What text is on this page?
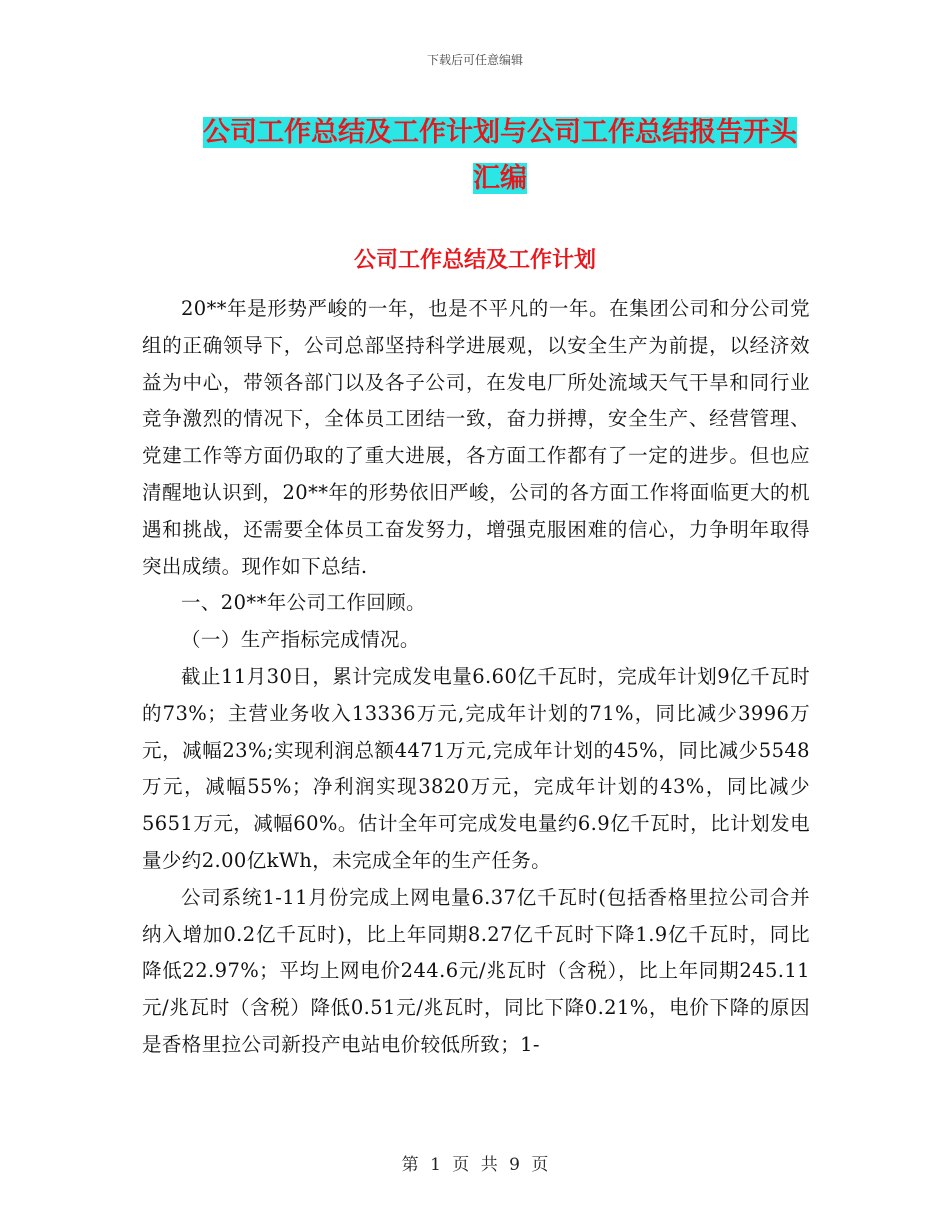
下载后可任意编辑
公司工作总结及工作计划与公司工作总结报告开头汇编
公司工作总结及工作计划

20**年是形势严峻的一年，也是不平凡的一年。在集团公司和分公司党组的正确领导下，公司总部坚持科学进展观，以安全生产为前提，以经济效益为中心，带领各部门以及各子公司，在发电厂所处流域天气干旱和同行业竞争激烈的情况下，全体员工团结一致，奋力拼搏，安全生产、经营管理、党建工作等方面仍取的了重大进展，各方面工作都有了一定的进步。但也应清醒地认识到，20**年的形势依旧严峻，公司的各方面工作将面临更大的机遇和挑战，还需要全体员工奋发努力，增强克服困难的信心，力争明年取得突出成绩。现作如下总结.

一、20**年公司工作回顾。

（一）生产指标完成情况。

截止11月30日，累计完成发电量6.60亿千瓦时，完成年计划9亿千瓦时的73%；主营业务收入13336万元,完成年计划的71%，同比减少3996万元，减幅23%;实现利润总额4471万元,完成年计划的45%，同比减少5548万元，减幅55%；净利润实现3820万元，完成年计划的43%，同比减少5651万元，减幅60%。估计全年可完成发电量约6.9亿千瓦时，比计划发电量少约2.00亿kWh，未完成全年的生产任务。

公司系统1-11月份完成上网电量6.37亿千瓦时(包括香格里拉公司合并纳入增加0.2亿千瓦时)，比上年同期8.27亿千瓦时下降1.9亿千瓦时，同比降低22.97%；平均上网电价244.6元/兆瓦时（含税），比上年同期245.11元/兆瓦时（含税）降低0.51元/兆瓦时，同比下降0.21%，电价下降的原因是香格里拉公司新投产电站电价较低所致；1-

第 1 页 共 9 页
